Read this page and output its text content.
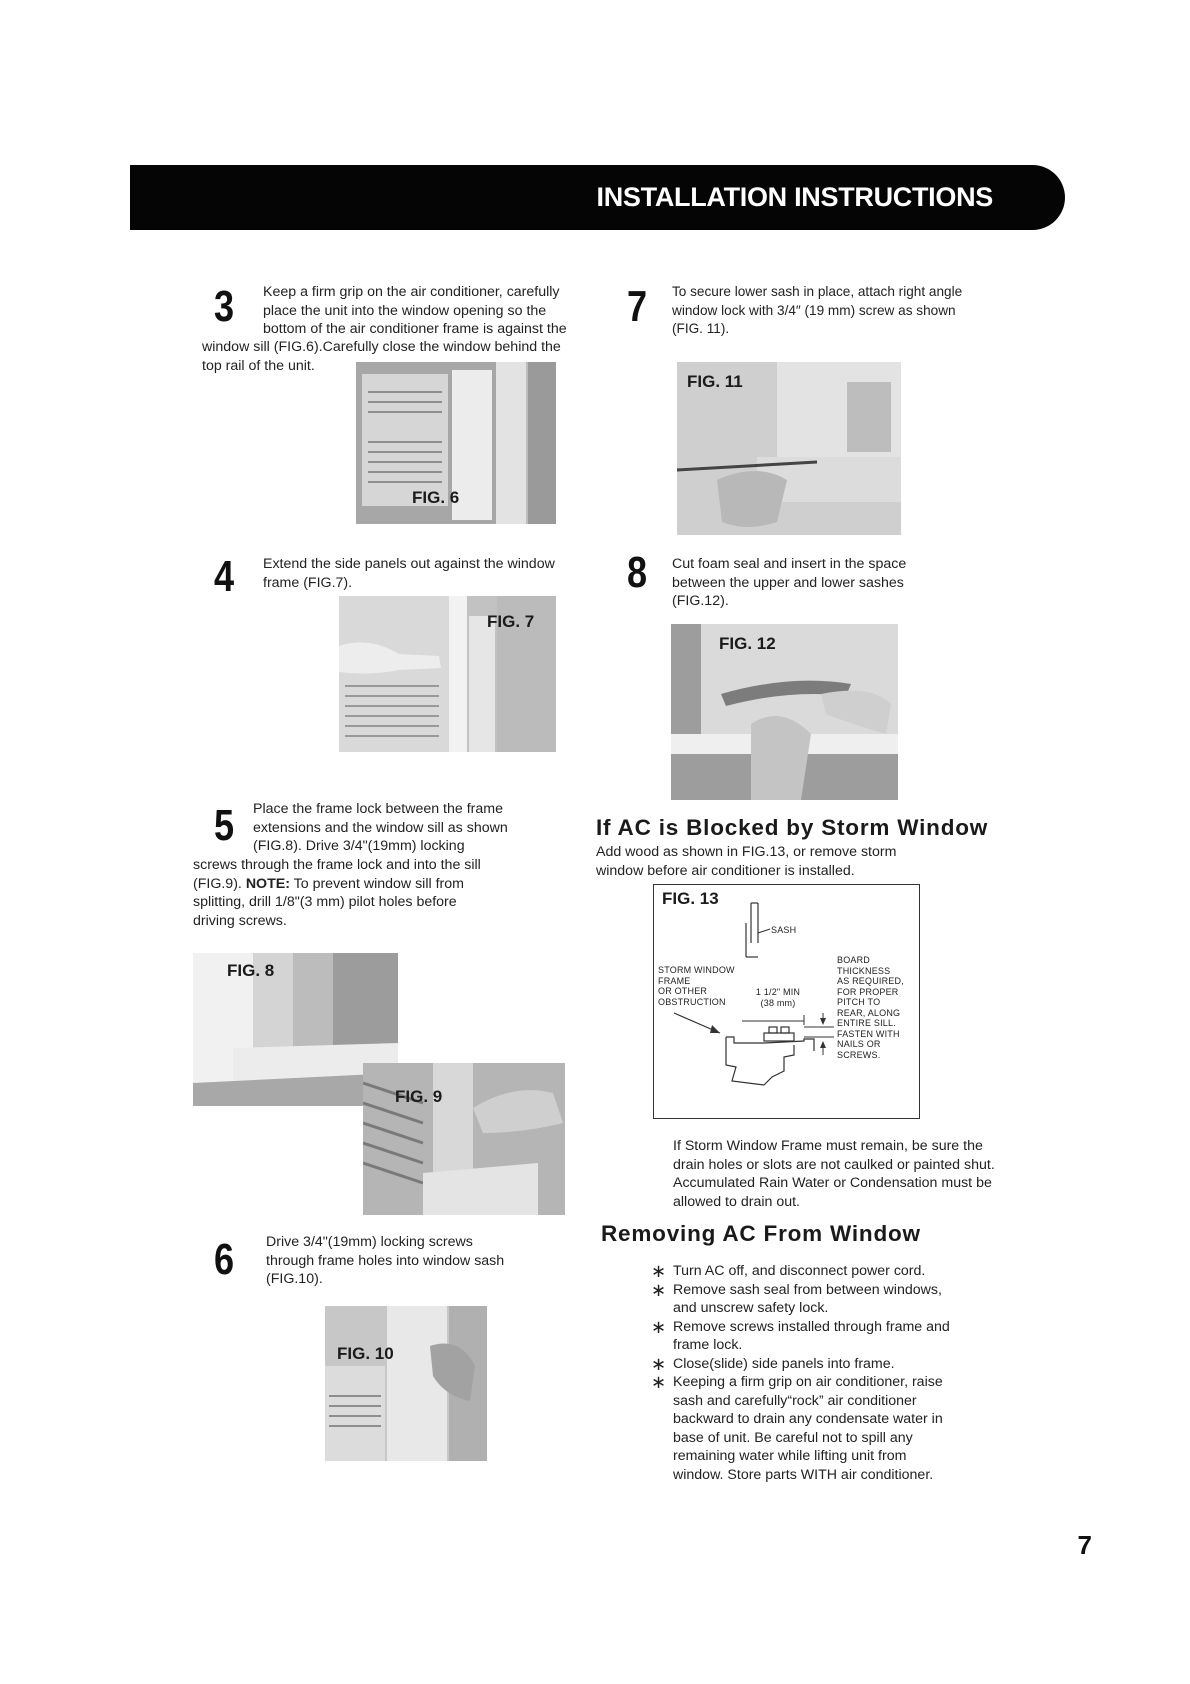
INSTALLATION INSTRUCTIONS
3 Keep a firm grip on the air conditioner, carefully
place the unit into the window opening so the
bottom of the air conditioner frame is against the
window sill (FIG.6).Carefully close the window behind the
top rail of the unit.
FIG. 6
4 Extend the side panels out against the window
frame (FIG.7).
FIG. 7
5 Place the frame lock between the frame
extensions and the window sill as shown
(FIG.8). Drive 3/4"(19mm) locking
screws through the frame lock and into the sill
(FIG.9). NOTE: To prevent window sill from
splitting, drill 1/8"(3 mm) pilot holes before
driving screws.
FIG. 8
FIG. 9
6 Drive 3/4"(19mm) locking screws
through frame holes into window sash
(FIG.10).
FIG. 10
7 To secure lower sash in place, attach right angle
window lock with 3/4″ (19 mm) screw as shown
(FIG. 11).
FIG. 11
8 Cut foam seal and insert in the space
between the upper and lower sashes
(FIG.12).
FIG. 12
If AC is Blocked by Storm Window
Add wood as shown in FIG.13, or remove storm
window before air conditioner is installed.
FIG. 13
SASH
STORM WINDOW
FRAME
OR OTHER
OBSTRUCTION
1 1/2" MIN
(38 mm)
BOARD
THICKNESS
AS REQUIRED,
FOR PROPER
PITCH TO
REAR, ALONG
ENTIRE SILL.
FASTEN WITH
NAILS OR
SCREWS.
If Storm Window Frame must remain, be sure the
drain holes or slots are not caulked or painted shut.
Accumulated Rain Water or Condensation must be
allowed to drain out.
Removing AC From Window
∗ Turn AC off, and disconnect power cord.
∗ Remove sash seal from between windows,
and unscrew safety lock.
∗ Remove screws installed through frame and
frame lock.
∗ Close(slide) side panels into frame.
∗ Keeping a firm grip on air conditioner, raise
sash and carefully“rock” air conditioner
backward to drain any condensate water in
base of unit. Be careful not to spill any
remaining water while lifting unit from
window. Store parts WITH air conditioner.
7
